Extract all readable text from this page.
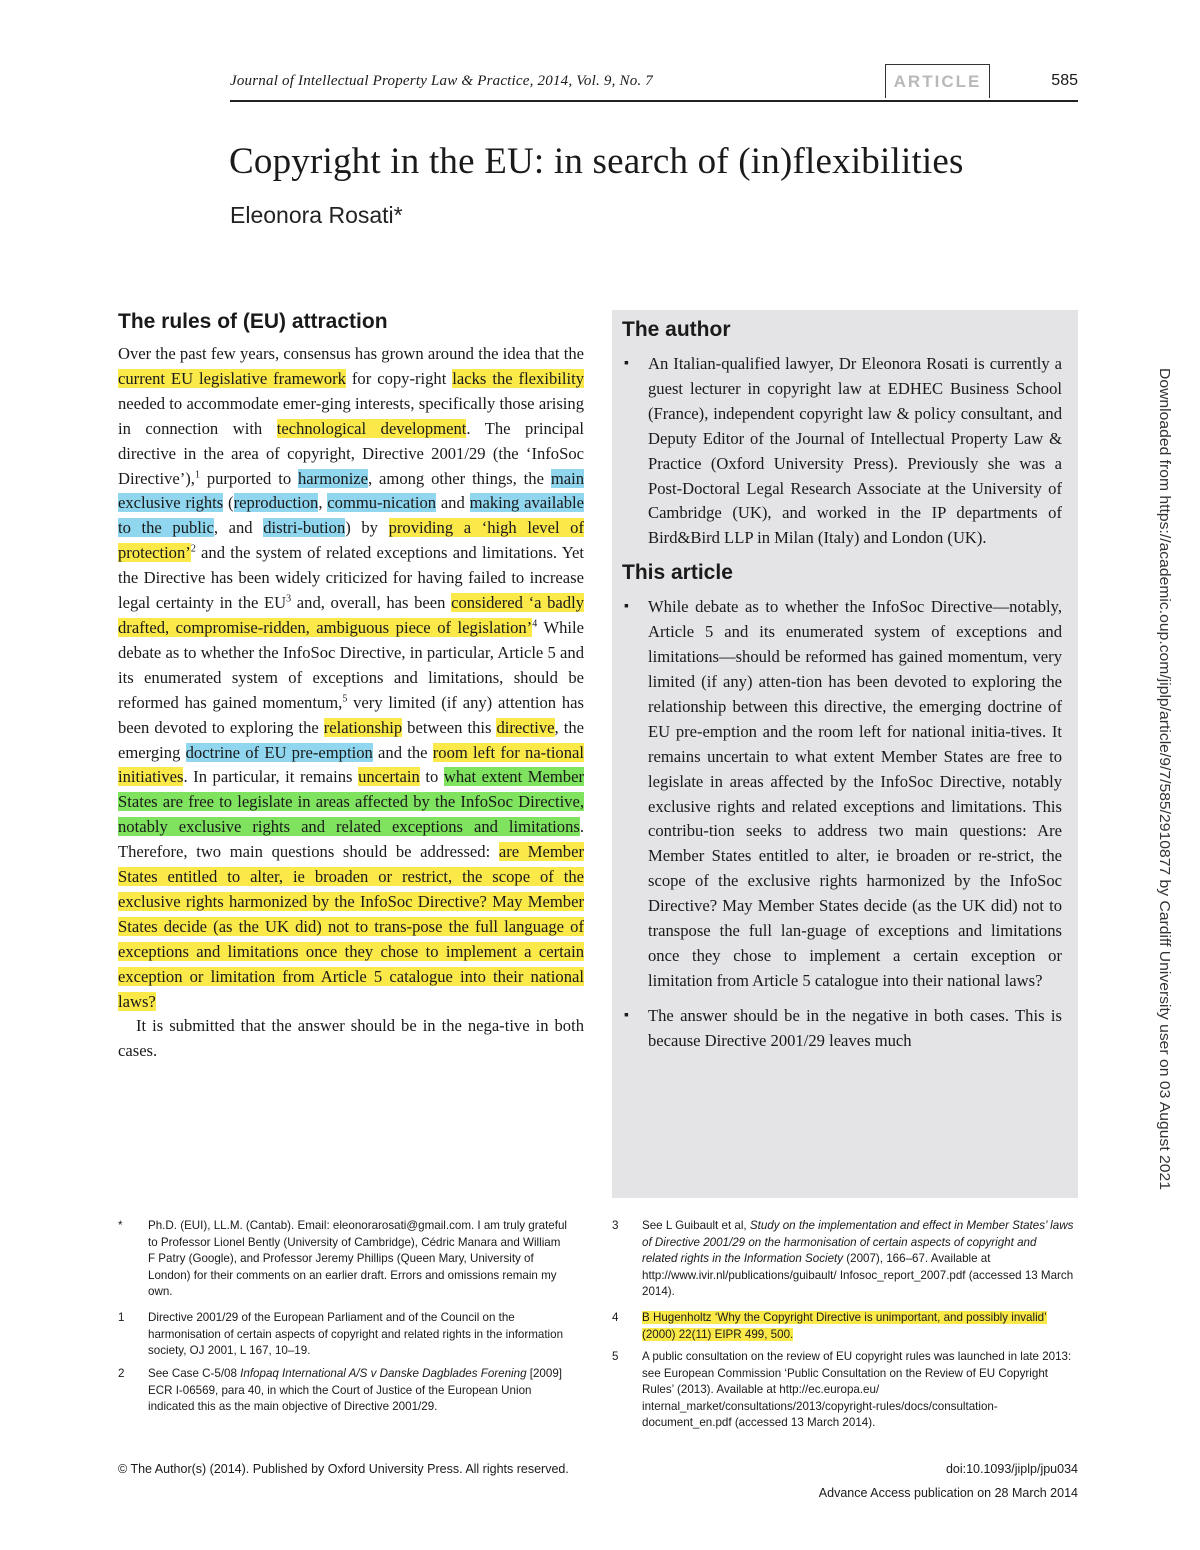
Journal of Intellectual Property Law & Practice, 2014, Vol. 9, No. 7	ARTICLE	585
Copyright in the EU: in search of (in)flexibilities
Eleonora Rosati*
The rules of (EU) attraction

Over the past few years, consensus has grown around the idea that the current EU legislative framework for copy-right lacks the flexibility needed to accommodate emer-ging interests, specifically those arising in connection with technological development. The principal directive in the area of copyright, Directive 2001/29 (the ‘InfoSoc Directive’),$^1$ purported to harmonize, among other things, the main exclusive rights (reproduction, commu-nication and making available to the public, and distri-bution) by providing a ‘high level of protection’$^2$ and the system of related exceptions and limitations. Yet the Directive has been widely criticized for having failed to increase legal certainty in the $EU^3$ and, overall, has been considered ‘a badly drafted, compromise-ridden, ambiguous piece of legislation’$^4$ While debate as to whether the InfoSoc Directive, in particular, Article 5 and its enumerated system of exceptions and limitations, should be reformed has gained momentum,$^5$ very limited (if any) attention has been devoted to exploring the relationship between this directive, the emerging doctrine of EU pre-emption and the room left for na-tional initiatives. In particular, it remains uncertain to what extent Member States are free to legislate in areas affected by the InfoSoc Directive, notably exclusive rights and related exceptions and limitations. Therefore, two main questions should be addressed: are Member States entitled to alter, ie broaden or restrict, the scope of the exclusive rights harmonized by the InfoSoc Directive? May Member States decide (as the UK did) not to trans-pose the full language of exceptions and limitations once they chose to implement a certain exception or limitation from Article 5 catalogue into their national laws?

It is submitted that the answer should be in the nega-tive in both cases.

The author
▪ An Italian-qualified lawyer, Dr Eleonora Rosati is currently a guest lecturer in copyright law at EDHEC Business School (France), independent copyright law & policy consultant, and Deputy Editor of the Journal of Intellectual Property Law & Practice (Oxford University Press). Previously she was a Post-Doctoral Legal Research Associate at the University of Cambridge (UK), and worked in the IP departments of Bird&Bird LLP in Milan (Italy) and London (UK).
This article
▪ While debate as to whether the InfoSoc Directive—notably, Article 5 and its enumerated system of exceptions and limitations—should be reformed has gained momentum, very limited (if any) atten-tion has been devoted to exploring the relationship between this directive, the emerging doctrine of EU pre-emption and the room left for national initia-tives. It remains uncertain to what extent Member States are free to legislate in areas affected by the InfoSoc Directive, notably exclusive rights and related exceptions and limitations. This contribu-tion seeks to address two main questions: Are Member States entitled to alter, ie broaden or re-strict, the scope of the exclusive rights harmonized by the InfoSoc Directive? May Member States decide (as the UK did) not to transpose the full lan-guage of exceptions and limitations once they chose to implement a certain exception or limitation from Article 5 catalogue into their national laws?
▪ The answer should be in the negative in both cases. This is because Directive 2001/29 leaves much
* Ph.D. (EUI), LL.M. (Cantab). Email: eleonorarosati@gmail.com. I am truly grateful to Professor Lionel Bently (University of Cambridge), Cédric Manara and William F Patry (Google), and Professor Jeremy Phillips (Queen Mary, University of London) for their comments on an earlier draft. Errors and omissions remain my own.
1 Directive 2001/29 of the European Parliament and of the Council on the harmonisation of certain aspects of copyright and related rights in the information society, OJ 2001, L 167, 10–19.
2 See Case C-5/08 Infopaq International A/S v Danske Dagblades Forening [2009] ECR I-06569, para 40, in which the Court of Justice of the European Union indicated this as the main objective of Directive 2001/29.
3 See L Guibault et al, Study on the implementation and effect in Member States’ laws of Directive 2001/29 on the harmonisation of certain aspects of copyright and related rights in the Information Society (2007), 166–67. Available at http://www.ivir.nl/publications/guibault/ Infosoc_report_2007.pdf (accessed 13 March 2014).
4 B Hugenholtz ‘Why the Copyright Directive is unimportant, and possibly invalid’ (2000) 22(11) EIPR 499, 500.
5 A public consultation on the review of EU copyright rules was launched in late 2013: see European Commission ‘Public Consultation on the Review of EU Copyright Rules’ (2013). Available at http://ec.europa.eu/ internal_market/consultations/2013/copyright-rules/docs/consultation-document_en.pdf (accessed 13 March 2014).
Downloaded from https://academic.oup.com/jiplp/article/9/7/585/2910877 by Cardiff University user on 03 August 2021
© The Author(s) (2014). Published by Oxford University Press. All rights reserved.	doi:10.1093/jiplp/jpu034
Advance Access publication on 28 March 2014
